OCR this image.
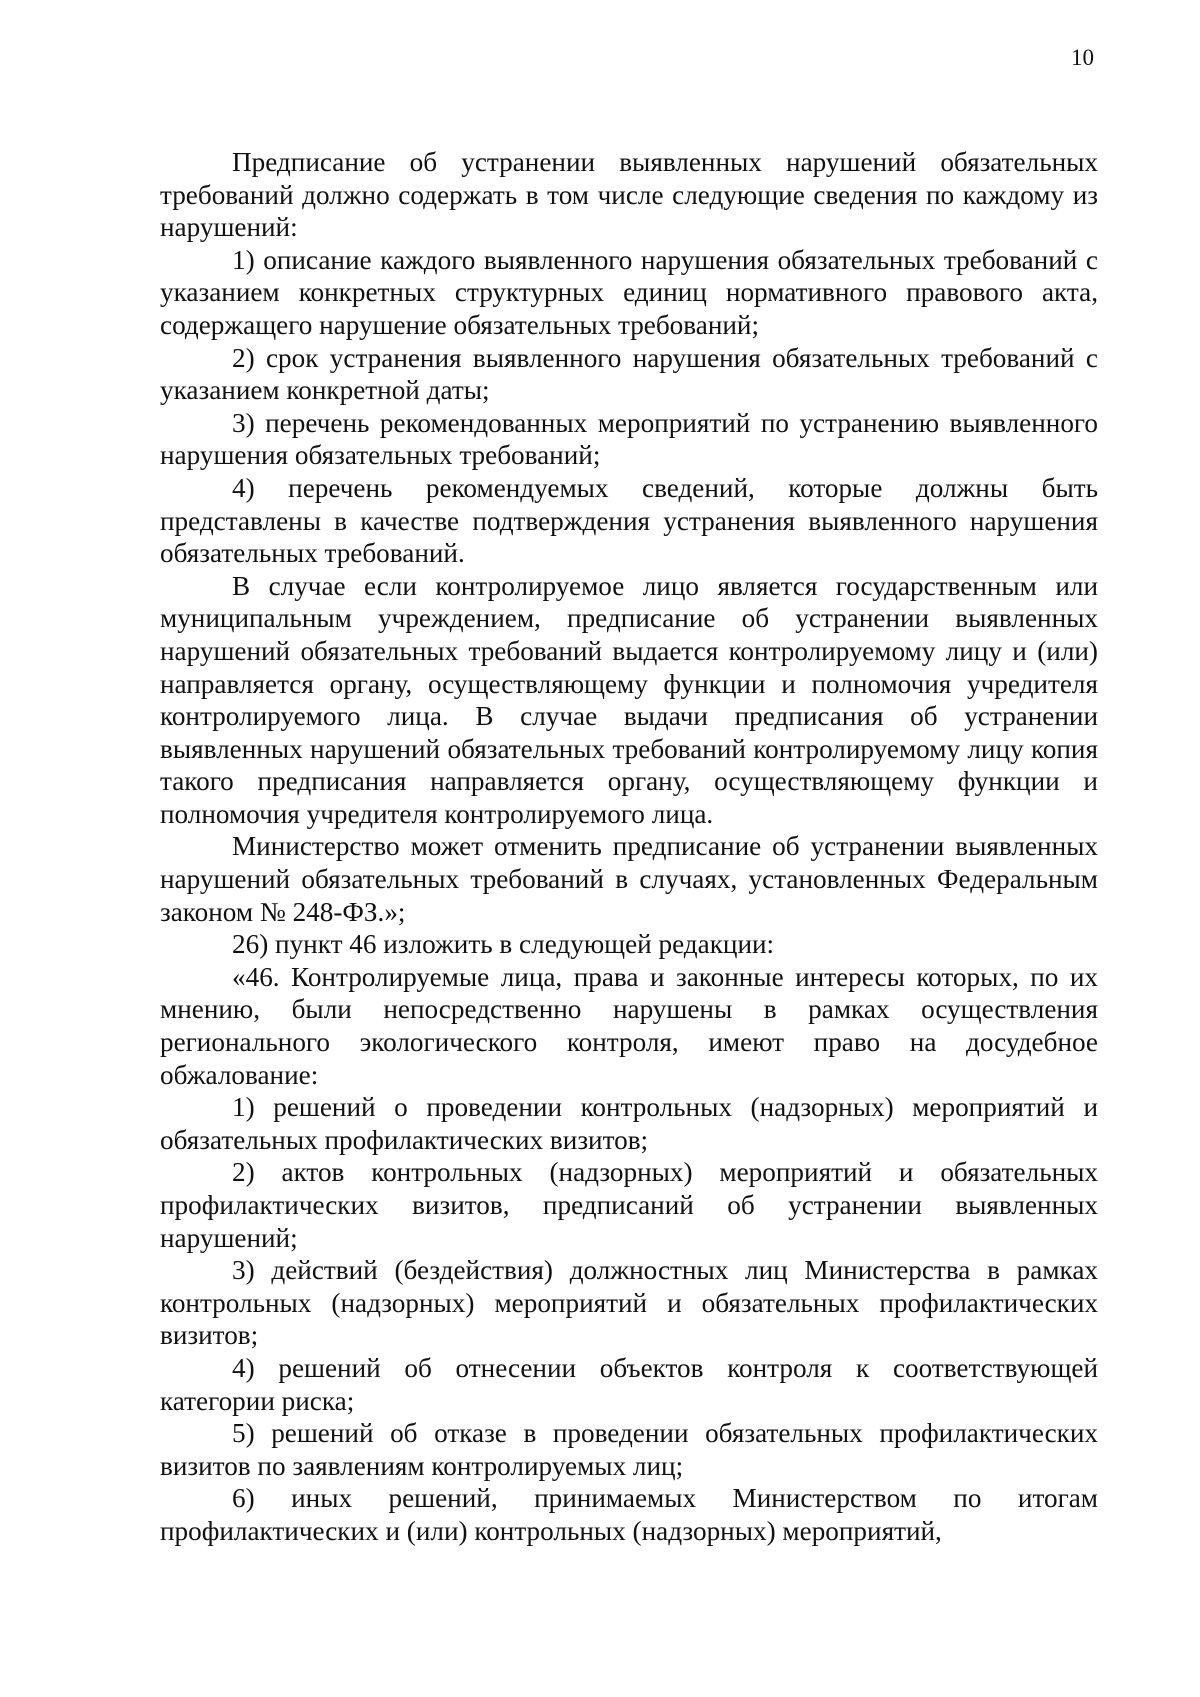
10

Предписание об устранении выявленных нарушений обязательных требований должно содержать в том числе следующие сведения по каждому из нарушений:

1) описание каждого выявленного нарушения обязательных требований с указанием конкретных структурных единиц нормативного правового акта, содержащего нарушение обязательных требований;

2) срок устранения выявленного нарушения обязательных требований с указанием конкретной даты;

3) перечень рекомендованных мероприятий по устранению выявленного нарушения обязательных требований;

4) перечень рекомендуемых сведений, которые должны быть представлены в качестве подтверждения устранения выявленного нарушения обязательных требований.

В случае если контролируемое лицо является государственным или муниципальным учреждением, предписание об устранении выявленных нарушений обязательных требований выдается контролируемому лицу и (или) направляется органу, осуществляющему функции и полномочия учредителя контролируемого лица. В случае выдачи предписания об устранении выявленных нарушений обязательных требований контролируемому лицу копия такого предписания направляется органу, осуществляющему функции и полномочия учредителя контролируемого лица.

Министерство может отменить предписание об устранении выявленных нарушений обязательных требований в случаях, установленных Федеральным законом № 248-ФЗ.»;

26) пункт 46 изложить в следующей редакции:

«46. Контролируемые лица, права и законные интересы которых, по их мнению, были непосредственно нарушены в рамках осуществления регионального экологического контроля, имеют право на досудебное обжалование:

1) решений о проведении контрольных (надзорных) мероприятий и обязательных профилактических визитов;

2) актов контрольных (надзорных) мероприятий и обязательных профилактических визитов, предписаний об устранении выявленных нарушений;

3) действий (бездействия) должностных лиц Министерства в рамках контрольных (надзорных) мероприятий и обязательных профилактических визитов;

4) решений об отнесении объектов контроля к соответствующей категории риска;

5) решений об отказе в проведении обязательных профилактических визитов по заявлениям контролируемых лиц;

6) иных решений, принимаемых Министерством по итогам профилактических и (или) контрольных (надзорных) мероприятий,
